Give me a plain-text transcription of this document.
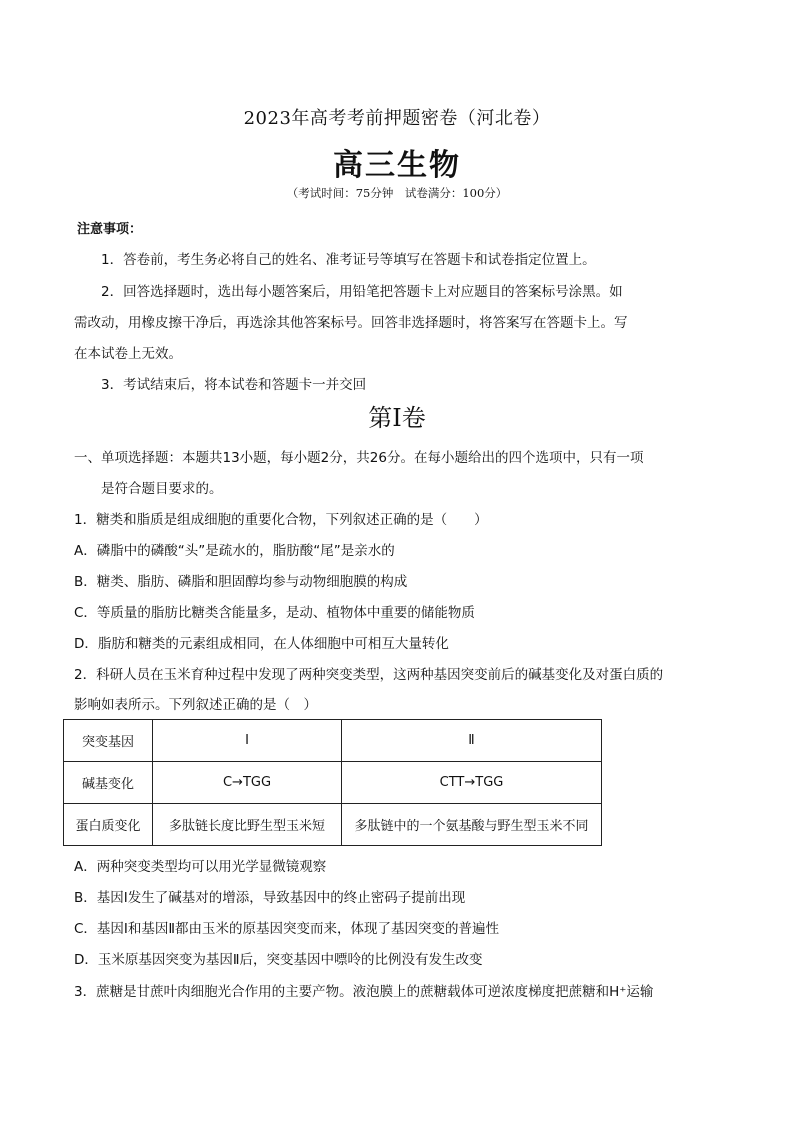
2023年高考考前押题密卷（河北卷）
高三生物
（考试时间：75分钟　试卷满分：100分）
注意事项：
1．答卷前，考生务必将自己的姓名、准考证号等填写在答题卡和试卷指定位置上。
2．回答选择题时，选出每小题答案后，用铅笔把答题卡上对应题目的答案标号涂黑。如
需改动，用橡皮擦干净后，再选涂其他答案标号。回答非选择题时，将答案写在答题卡上。写
在本试卷上无效。
3．考试结束后，将本试卷和答题卡一并交回
第Ⅰ卷
一、单项选择题：本题共13小题，每小题2分，共26分。在每小题给出的四个选项中，只有一项
是符合题目要求的。
1．糖类和脂质是组成细胞的重要化合物，下列叙述正确的是（　　）
A．磷脂中的磷酸“头”是疏水的，脂肪酸“尾”是亲水的
B．糖类、脂肪、磷脂和胆固醇均参与动物细胞膜的构成
C．等质量的脂肪比糖类含能量多，是动、植物体中重要的储能物质
D．脂肪和糖类的元素组成相同，在人体细胞中可相互大量转化
2．科研人员在玉米育种过程中发现了两种突变类型，这两种基因突变前后的碱基变化及对蛋白质的
影响如表所示。下列叙述正确的是（　）
突变基因	Ⅰ	Ⅱ
碱基变化	C→TGG	CTT→TGG
蛋白质变化	多肽链长度比野生型玉米短	多肽链中的一个氨基酸与野生型玉米不同
A．两种突变类型均可以用光学显微镜观察
B．基因Ⅰ发生了碱基对的增添，导致基因中的终止密码子提前出现
C．基因Ⅰ和基因Ⅱ都由玉米的原基因突变而来，体现了基因突变的普遍性
D．玉米原基因突变为基因Ⅱ后，突变基因中嘌呤的比例没有发生改变
3．蔗糖是甘蔗叶肉细胞光合作用的主要产物。液泡膜上的蔗糖载体可逆浓度梯度把蔗糖和H⁺运输
